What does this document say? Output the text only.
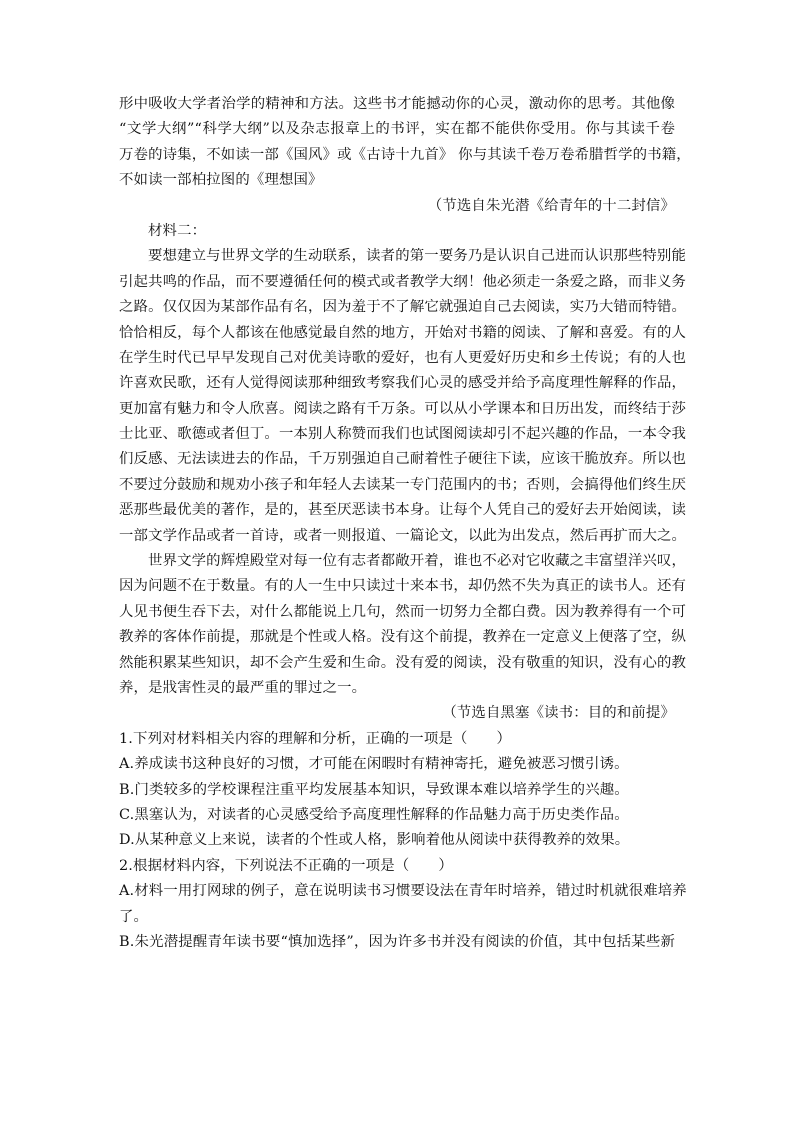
形中吸收大学者治学的精神和方法。这些书才能撼动你的心灵，激动你的思考。其他像

“文学大纲”“科学大纲”以及杂志报章上的书评，实在都不能供你受用。你与其读千卷

万卷的诗集，不如读一部《国风》或《古诗十九首》 你与其读千卷万卷希腊哲学的书籍，

不如读一部柏拉图的《理想国》

（节选自朱光潜《给青年的十二封信》

材料二：

要想建立与世界文学的生动联系，读者的第一要务乃是认识自己进而认识那些特别能

引起共鸣的作品，而不要遵循任何的模式或者教学大纲！他必须走一条爱之路，而非义务

之路。仅仅因为某部作品有名，因为羞于不了解它就强迫自己去阅读，实乃大错而特错。

恰恰相反，每个人都该在他感觉最自然的地方，开始对书籍的阅读、了解和喜爱。有的人

在学生时代已早早发现自己对优美诗歌的爱好，也有人更爱好历史和乡土传说；有的人也

许喜欢民歌，还有人觉得阅读那种细致考察我们心灵的感受并给予高度理性解释的作品，

更加富有魅力和令人欣喜。阅读之路有千万条。可以从小学课本和日历出发，而终结于莎

士比亚、歌德或者但丁。一本别人称赞而我们也试图阅读却引不起兴趣的作品，一本令我

们反感、无法读进去的作品，千万别强迫自己耐着性子硬往下读，应该干脆放弃。所以也

不要过分鼓励和规劝小孩子和年轻人去读某一专门范围内的书；否则，会搞得他们终生厌

恶那些最优美的著作，是的，甚至厌恶读书本身。让每个人凭自己的爱好去开始阅读，读

一部文学作品或者一首诗，或者一则报道、一篇论文，以此为出发点，然后再扩而大之。

世界文学的辉煌殿堂对每一位有志者都敞开着，谁也不必对它收藏之丰富望洋兴叹，

因为问题不在于数量。有的人一生中只读过十来本书，却仍然不失为真正的读书人。还有

人见书便生吞下去，对什么都能说上几句，然而一切努力全都白费。因为教养得有一个可

教养的客体作前提，那就是个性或人格。没有这个前提，教养在一定意义上便落了空，纵

然能积累某些知识，却不会产生爱和生命。没有爱的阅读，没有敬重的知识，没有心的教

养，是戕害性灵的最严重的罪过之一。

（节选自黑塞《读书：目的和前提》

1.下列对材料相关内容的理解和分析，正确的一项是（　　）

A.养成读书这种良好的习惯，才可能在闲暇时有精神寄托，避免被恶习惯引诱。

B.门类较多的学校课程注重平均发展基本知识，导致课本难以培养学生的兴趣。

C.黑塞认为，对读者的心灵感受给予高度理性解释的作品魅力高于历史类作品。

D.从某种意义上来说，读者的个性或人格，影响着他从阅读中获得教养的效果。

2.根据材料内容，下列说法不正确的一项是（　　）

A.材料一用打网球的例子，意在说明读书习惯要设法在青年时培养，错过时机就很难培养

了。

B.朱光潜提醒青年读书要“慎加选择”，因为许多书并没有阅读的价值，其中包括某些新
